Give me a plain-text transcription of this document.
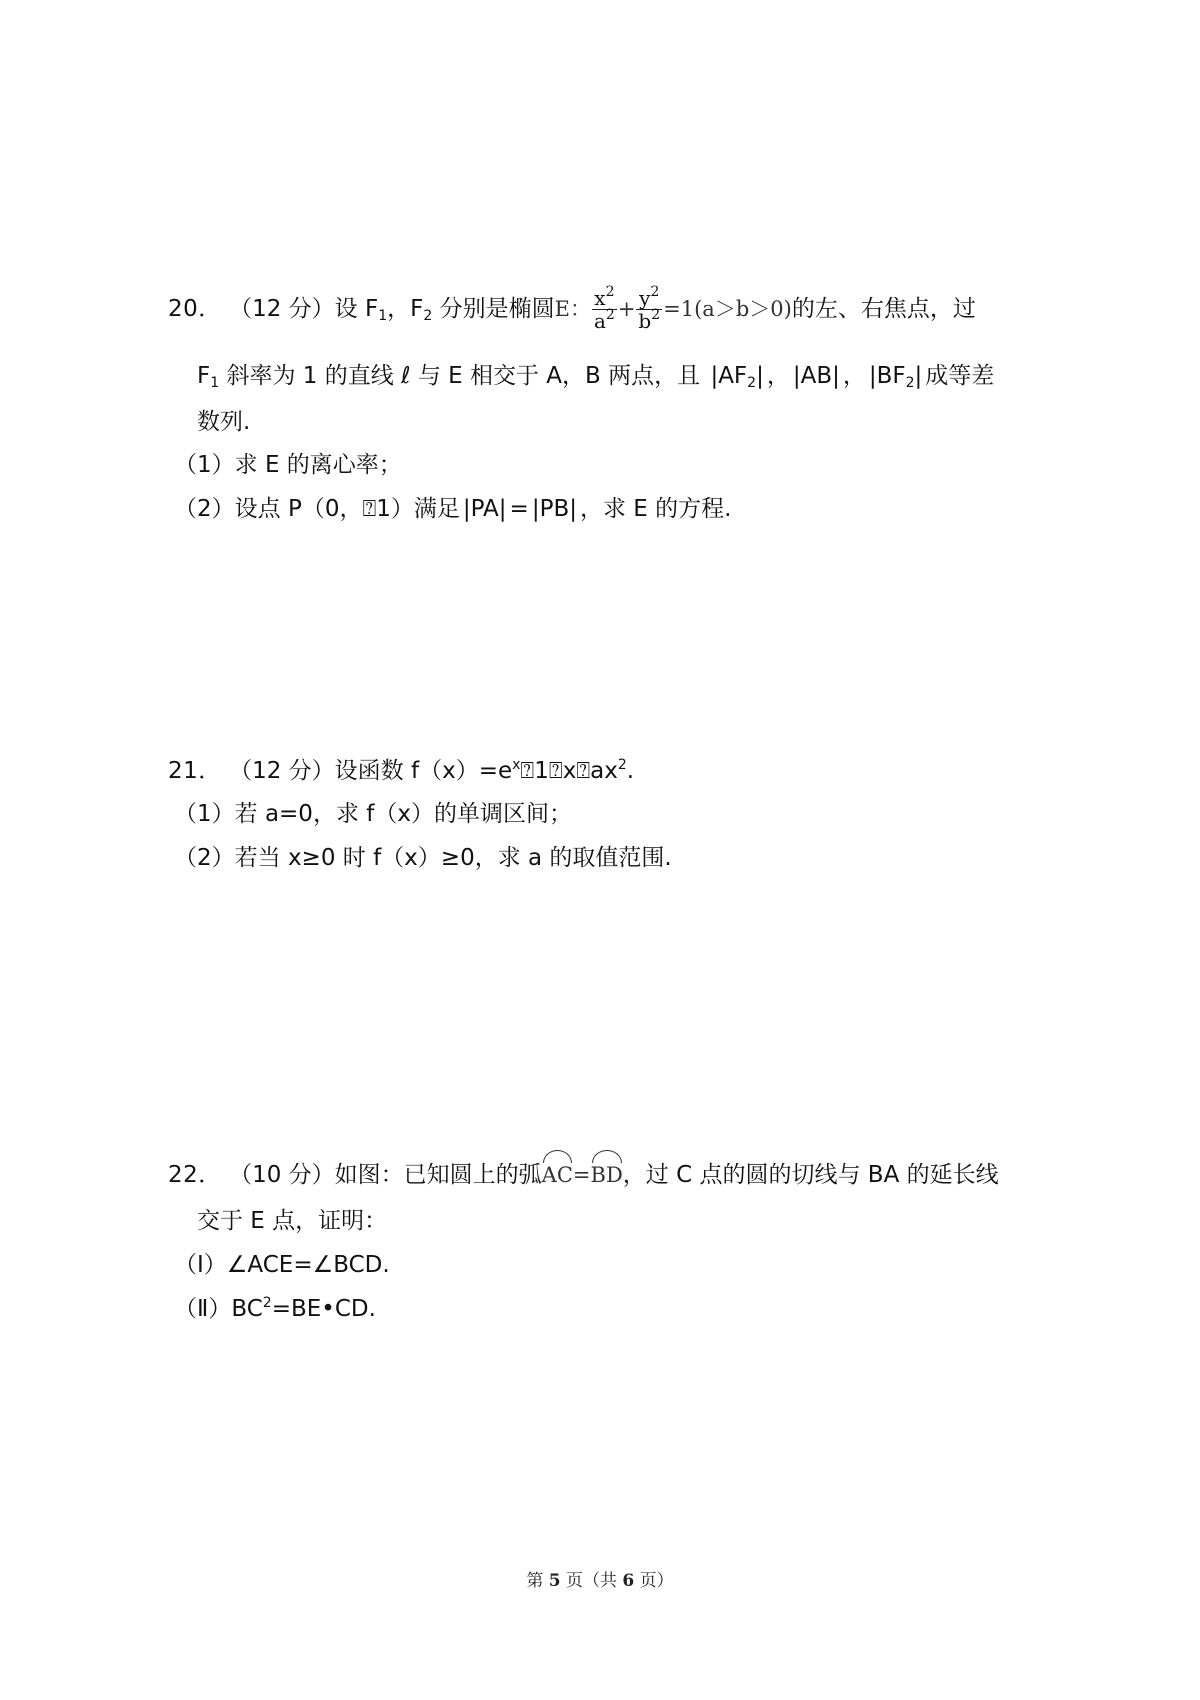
20． （12 分）设 $F_1$，$F_2$ 分别是椭圆E： $\frac{x^2}{a^2} + \frac{y^2}{b^2} =1(a>b>0)$的左、右焦点，过
$F_1$ 斜率为 1 的直线 ℓ 与 E 相交于 A，B 两点，且 $|AF_2|$ ， |AB| ， $|BF_2|$ 成等差
数列.
（1）求 E 的离心率；
（2）设点 P（0，⍰1）满足 |PA| = |PB| ，求 E 的方程.
21． （12 分）设函数 $f(x)=e^x⍰1⍰x⍰ax^2$.
（1）若 a=0，求 f（x）的单调区间；
（2）若当 x≥0 时 f（x）≥0，求 a 的取值范围.
22． （10 分）如图：已知圆上的弧AC=BD，过 C 点的圆的切线与 BA 的延长线
交于 E 点，证明：
（Ⅰ）∠ACE=∠BCD.
$(Ⅱ)BC^2=BE•CD$.
第 5 页（共 6 页）
